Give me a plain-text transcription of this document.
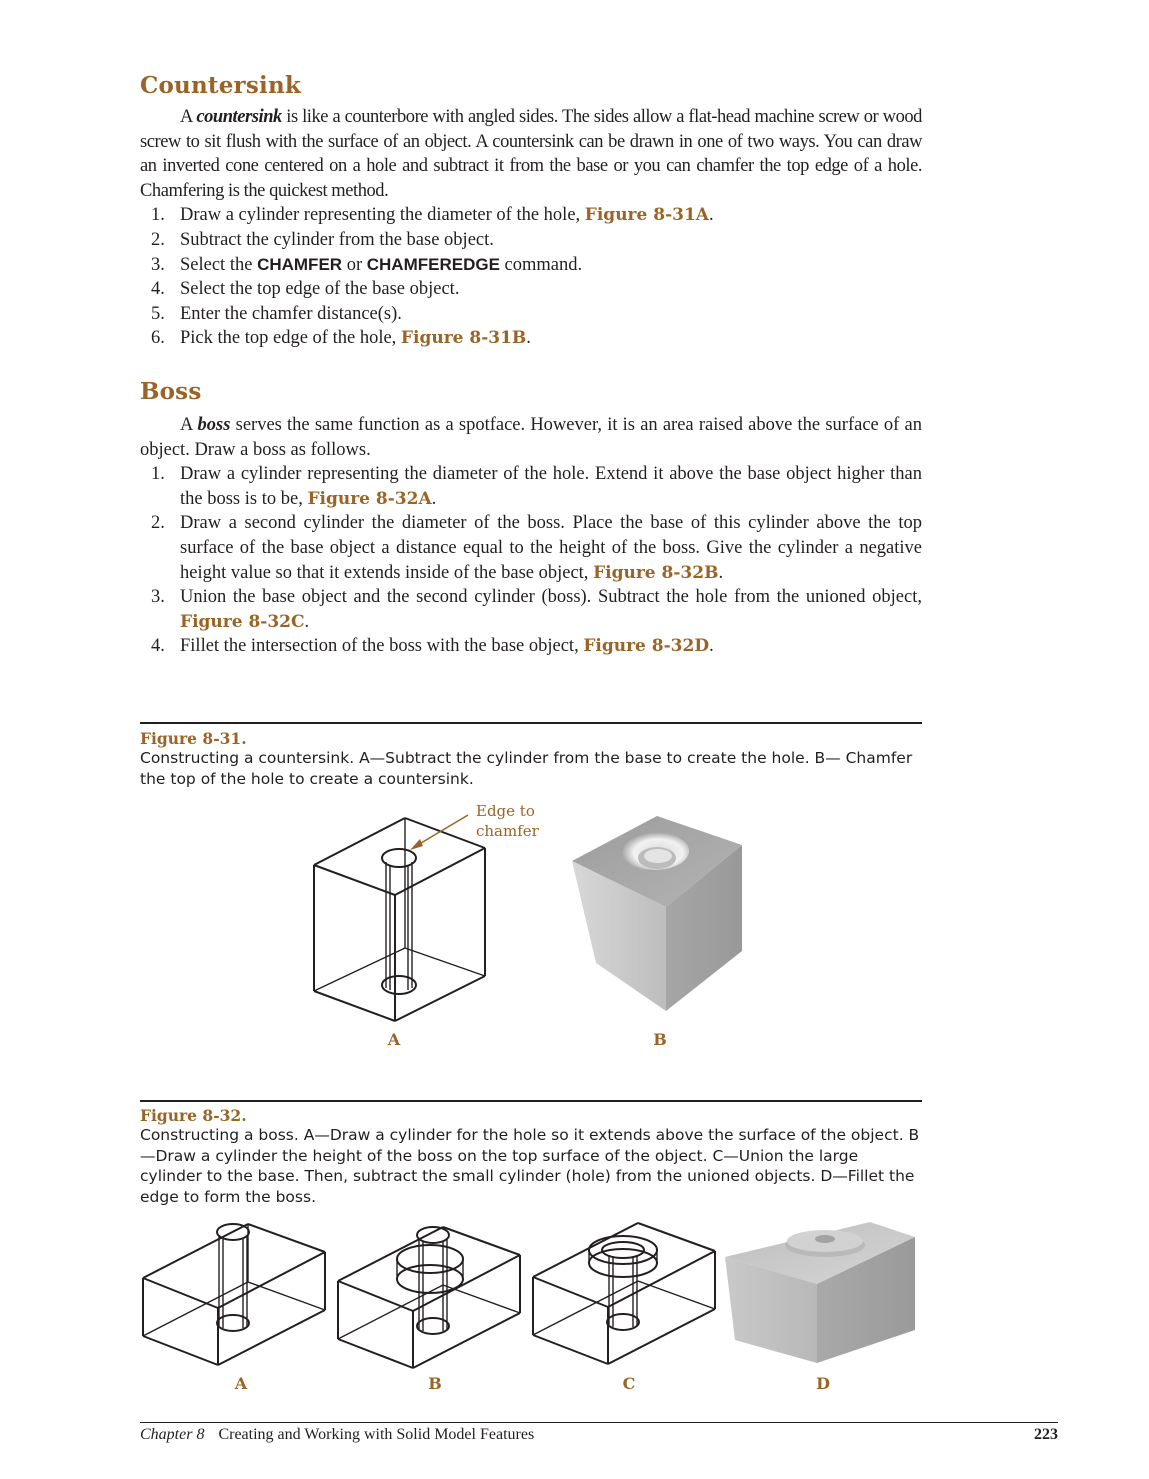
Countersink

A countersink is like a counterbore with angled sides. The sides allow a flat-head machine screw or wood screw to sit flush with the surface of an object. A countersink can be drawn in one of two ways. You can draw an inverted cone centered on a hole and subtract it from the base or you can chamfer the top edge of a hole. Chamfering is the quickest method.

1. Draw a cylinder representing the diameter of the hole, Figure 8-31A.
2. Subtract the cylinder from the base object.
3. Select the CHAMFER or CHAMFEREDGE command.
4. Select the top edge of the base object.
5. Enter the chamfer distance(s).
6. Pick the top edge of the hole, Figure 8-31B.
Boss

A boss serves the same function as a spotface. However, it is an area raised above the surface of an object. Draw a boss as follows.

1. Draw a cylinder representing the diameter of the hole. Extend it above the base object higher than the boss is to be, Figure 8-32A.
2. Draw a second cylinder the diameter of the boss. Place the base of this cylinder above the top surface of the base object a distance equal to the height of the boss. Give the cylinder a negative height value so that it extends inside of the base object, Figure 8-32B.
3. Union the base object and the second cylinder (boss). Subtract the hole from the unioned object, Figure 8-32C.
4. Fillet the intersection of the boss with the base object, Figure 8-32D.
Figure 8-31.
Constructing a countersink. A—Subtract the cylinder from the base to create the hole. B— Chamfer the top of the hole to create a countersink.
Edge to
chamfer
A	B
Figure 8-32.
Constructing a boss. A—Draw a cylinder for the hole so it extends above the surface of the object. B—Draw a cylinder the height of the boss on the top surface of the object. C—Union the large cylinder to the base. Then, subtract the small cylinder (hole) from the unioned objects. D—Fillet the edge to form the boss.
A	B	C	D
Chapter 8 Creating and Working with Solid Model Features	223
